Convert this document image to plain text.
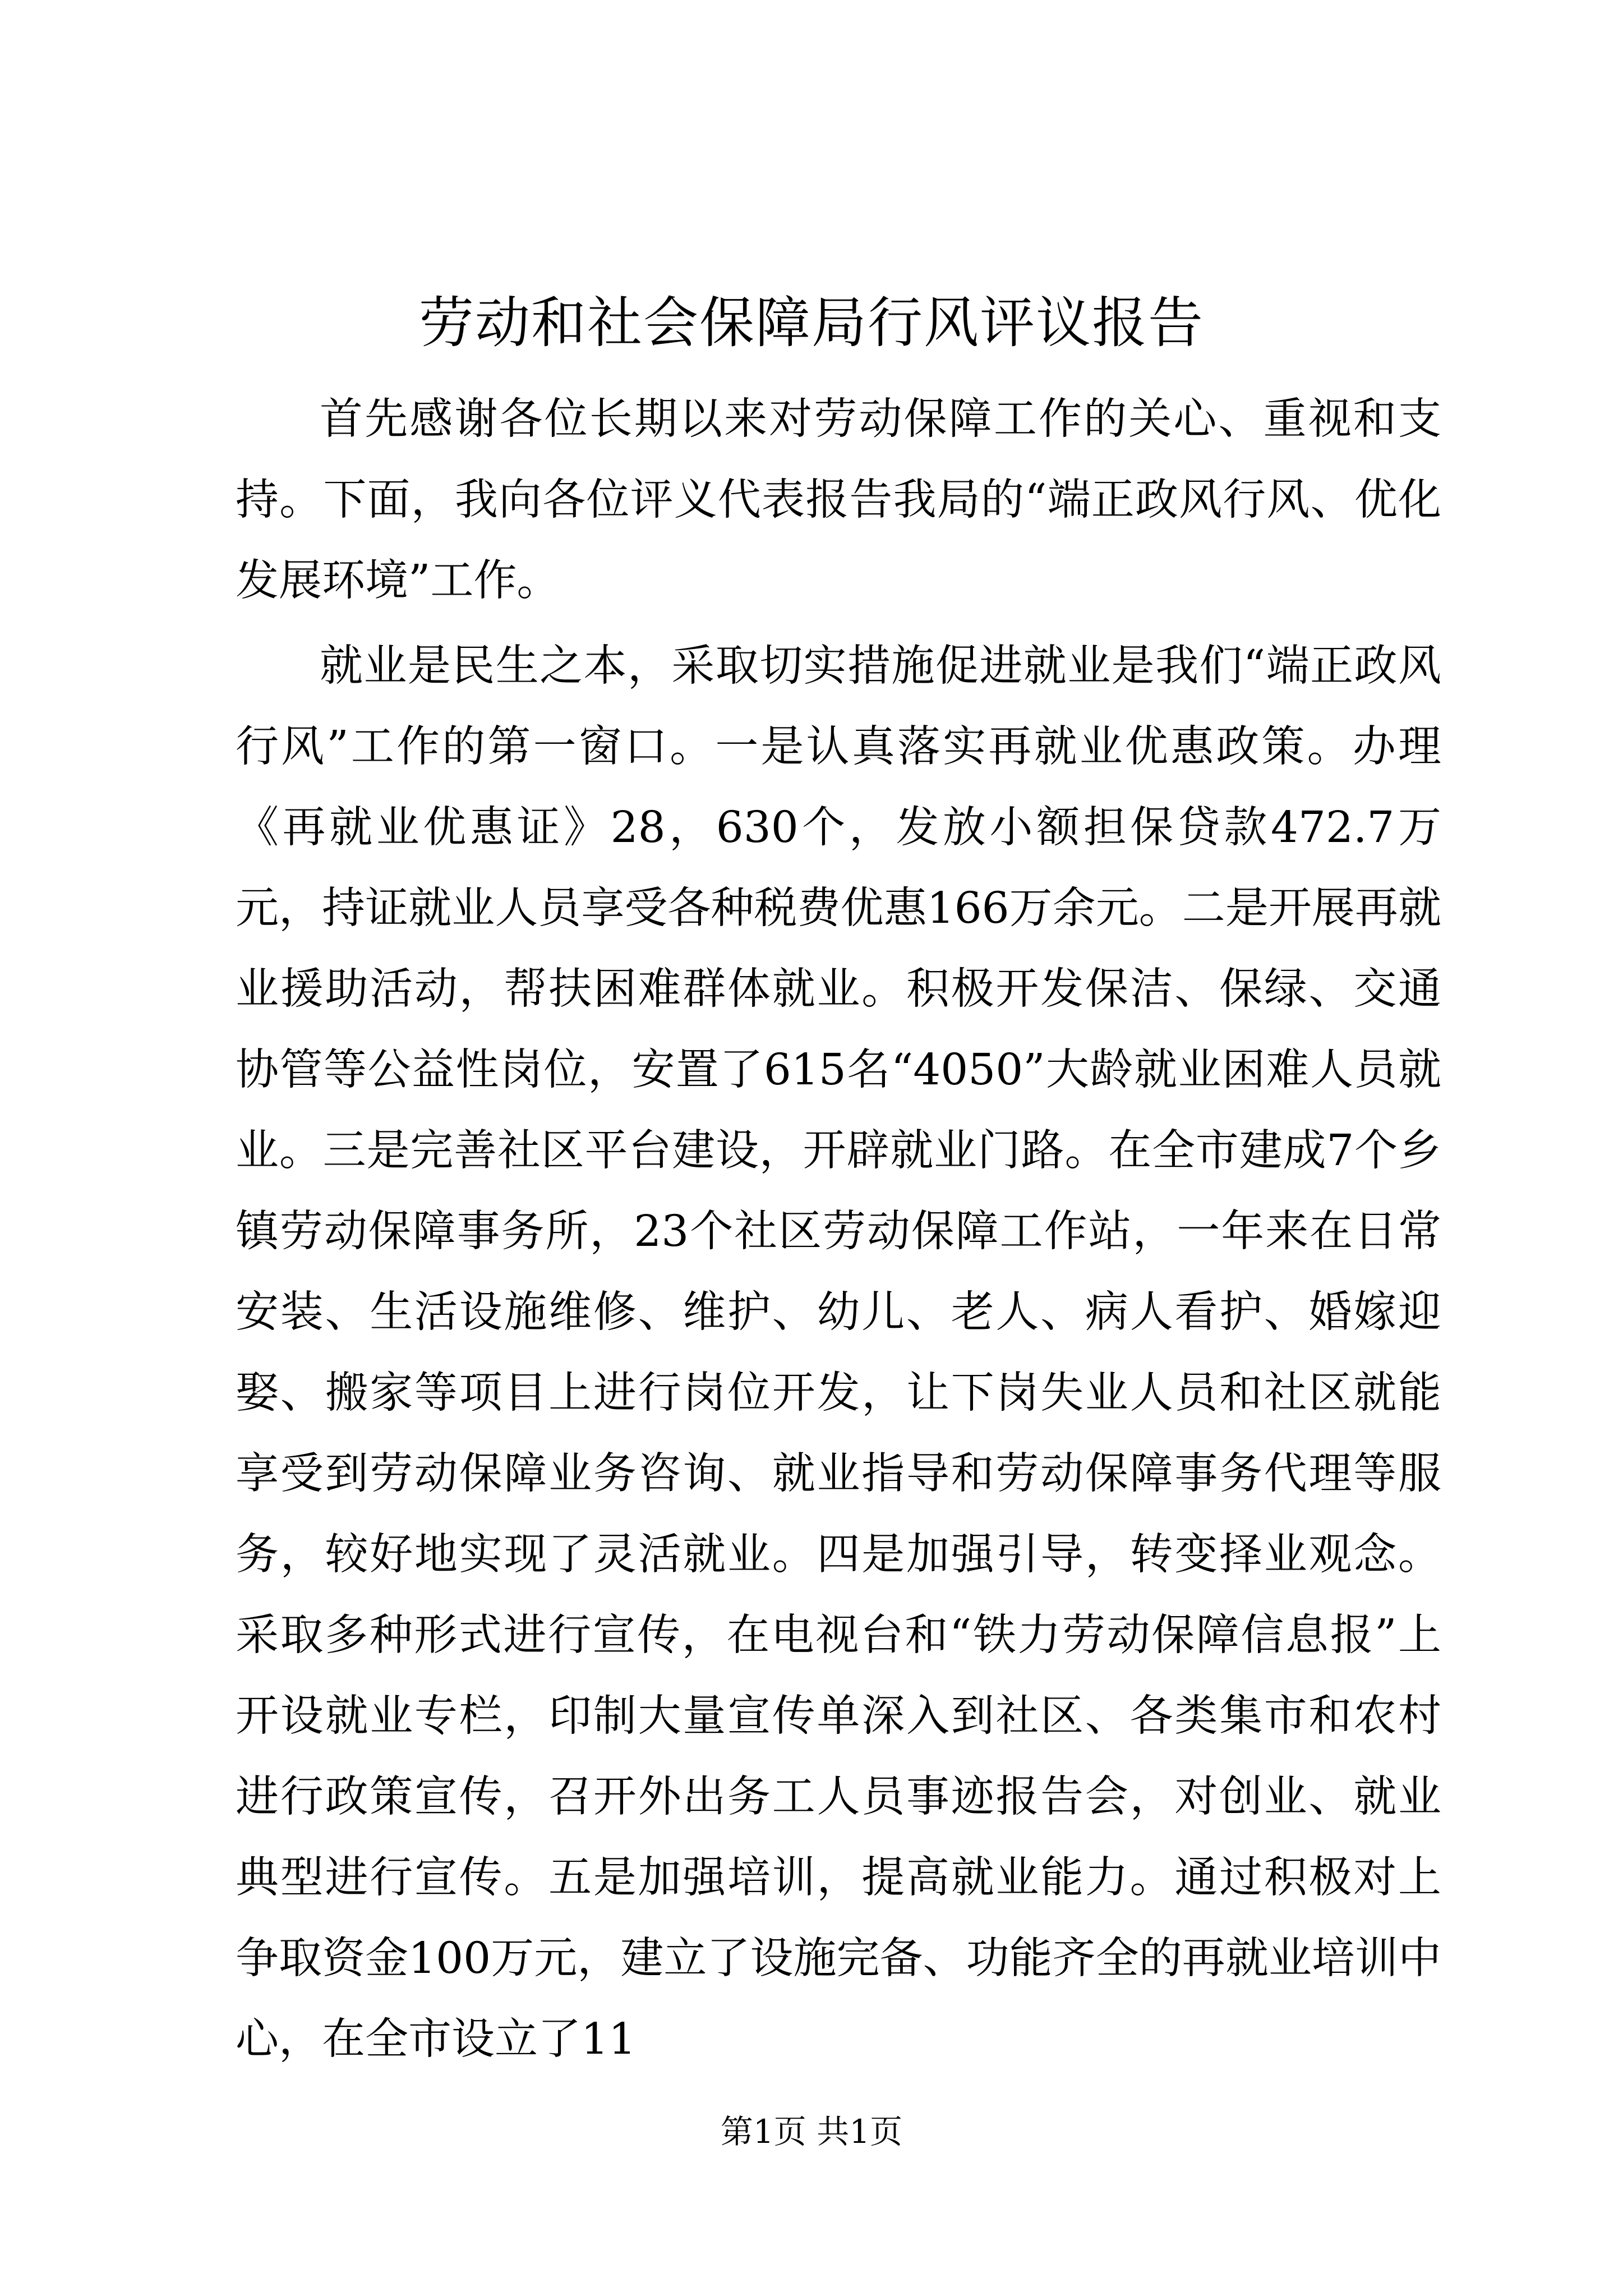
劳动和社会保障局行风评议报告

首先感谢各位长期以来对劳动保障工作的关心、重视和支持。下面，我向各位评义代表报告我局的“端正政风行风、优化发展环境”工作。

就业是民生之本，采取切实措施促进就业是我们“端正政风行风”工作的第一窗口。一是认真落实再就业优惠政策。办理《再就业优惠证》28，630个，发放小额担保贷款472.7万元，持证就业人员享受各种税费优惠166万余元。二是开展再就业援助活动，帮扶困难群体就业。积极开发保洁、保绿、交通协管等公益性岗位，安置了615名“4050”大龄就业困难人员就业。三是完善社区平台建设，开辟就业门路。在全市建成7个乡镇劳动保障事务所，23个社区劳动保障工作站，一年来在日常安装、生活设施维修、维护、幼儿、老人、病人看护、婚嫁迎娶、搬家等项目上进行岗位开发，让下岗失业人员和社区就能享受到劳动保障业务咨询、就业指导和劳动保障事务代理等服务，较好地实现了灵活就业。四是加强引导，转变择业观念。采取多种形式进行宣传，在电视台和“铁力劳动保障信息报”上开设就业专栏，印制大量宣传单深入到社区、各类集市和农村进行政策宣传，召开外出务工人员事迹报告会，对创业、就业典型进行宣传。五是加强培训，提高就业能力。通过积极对上争取资金100万元，建立了设施完备、功能齐全的再就业培训中心，在全市设立了11

第1页 共1页
